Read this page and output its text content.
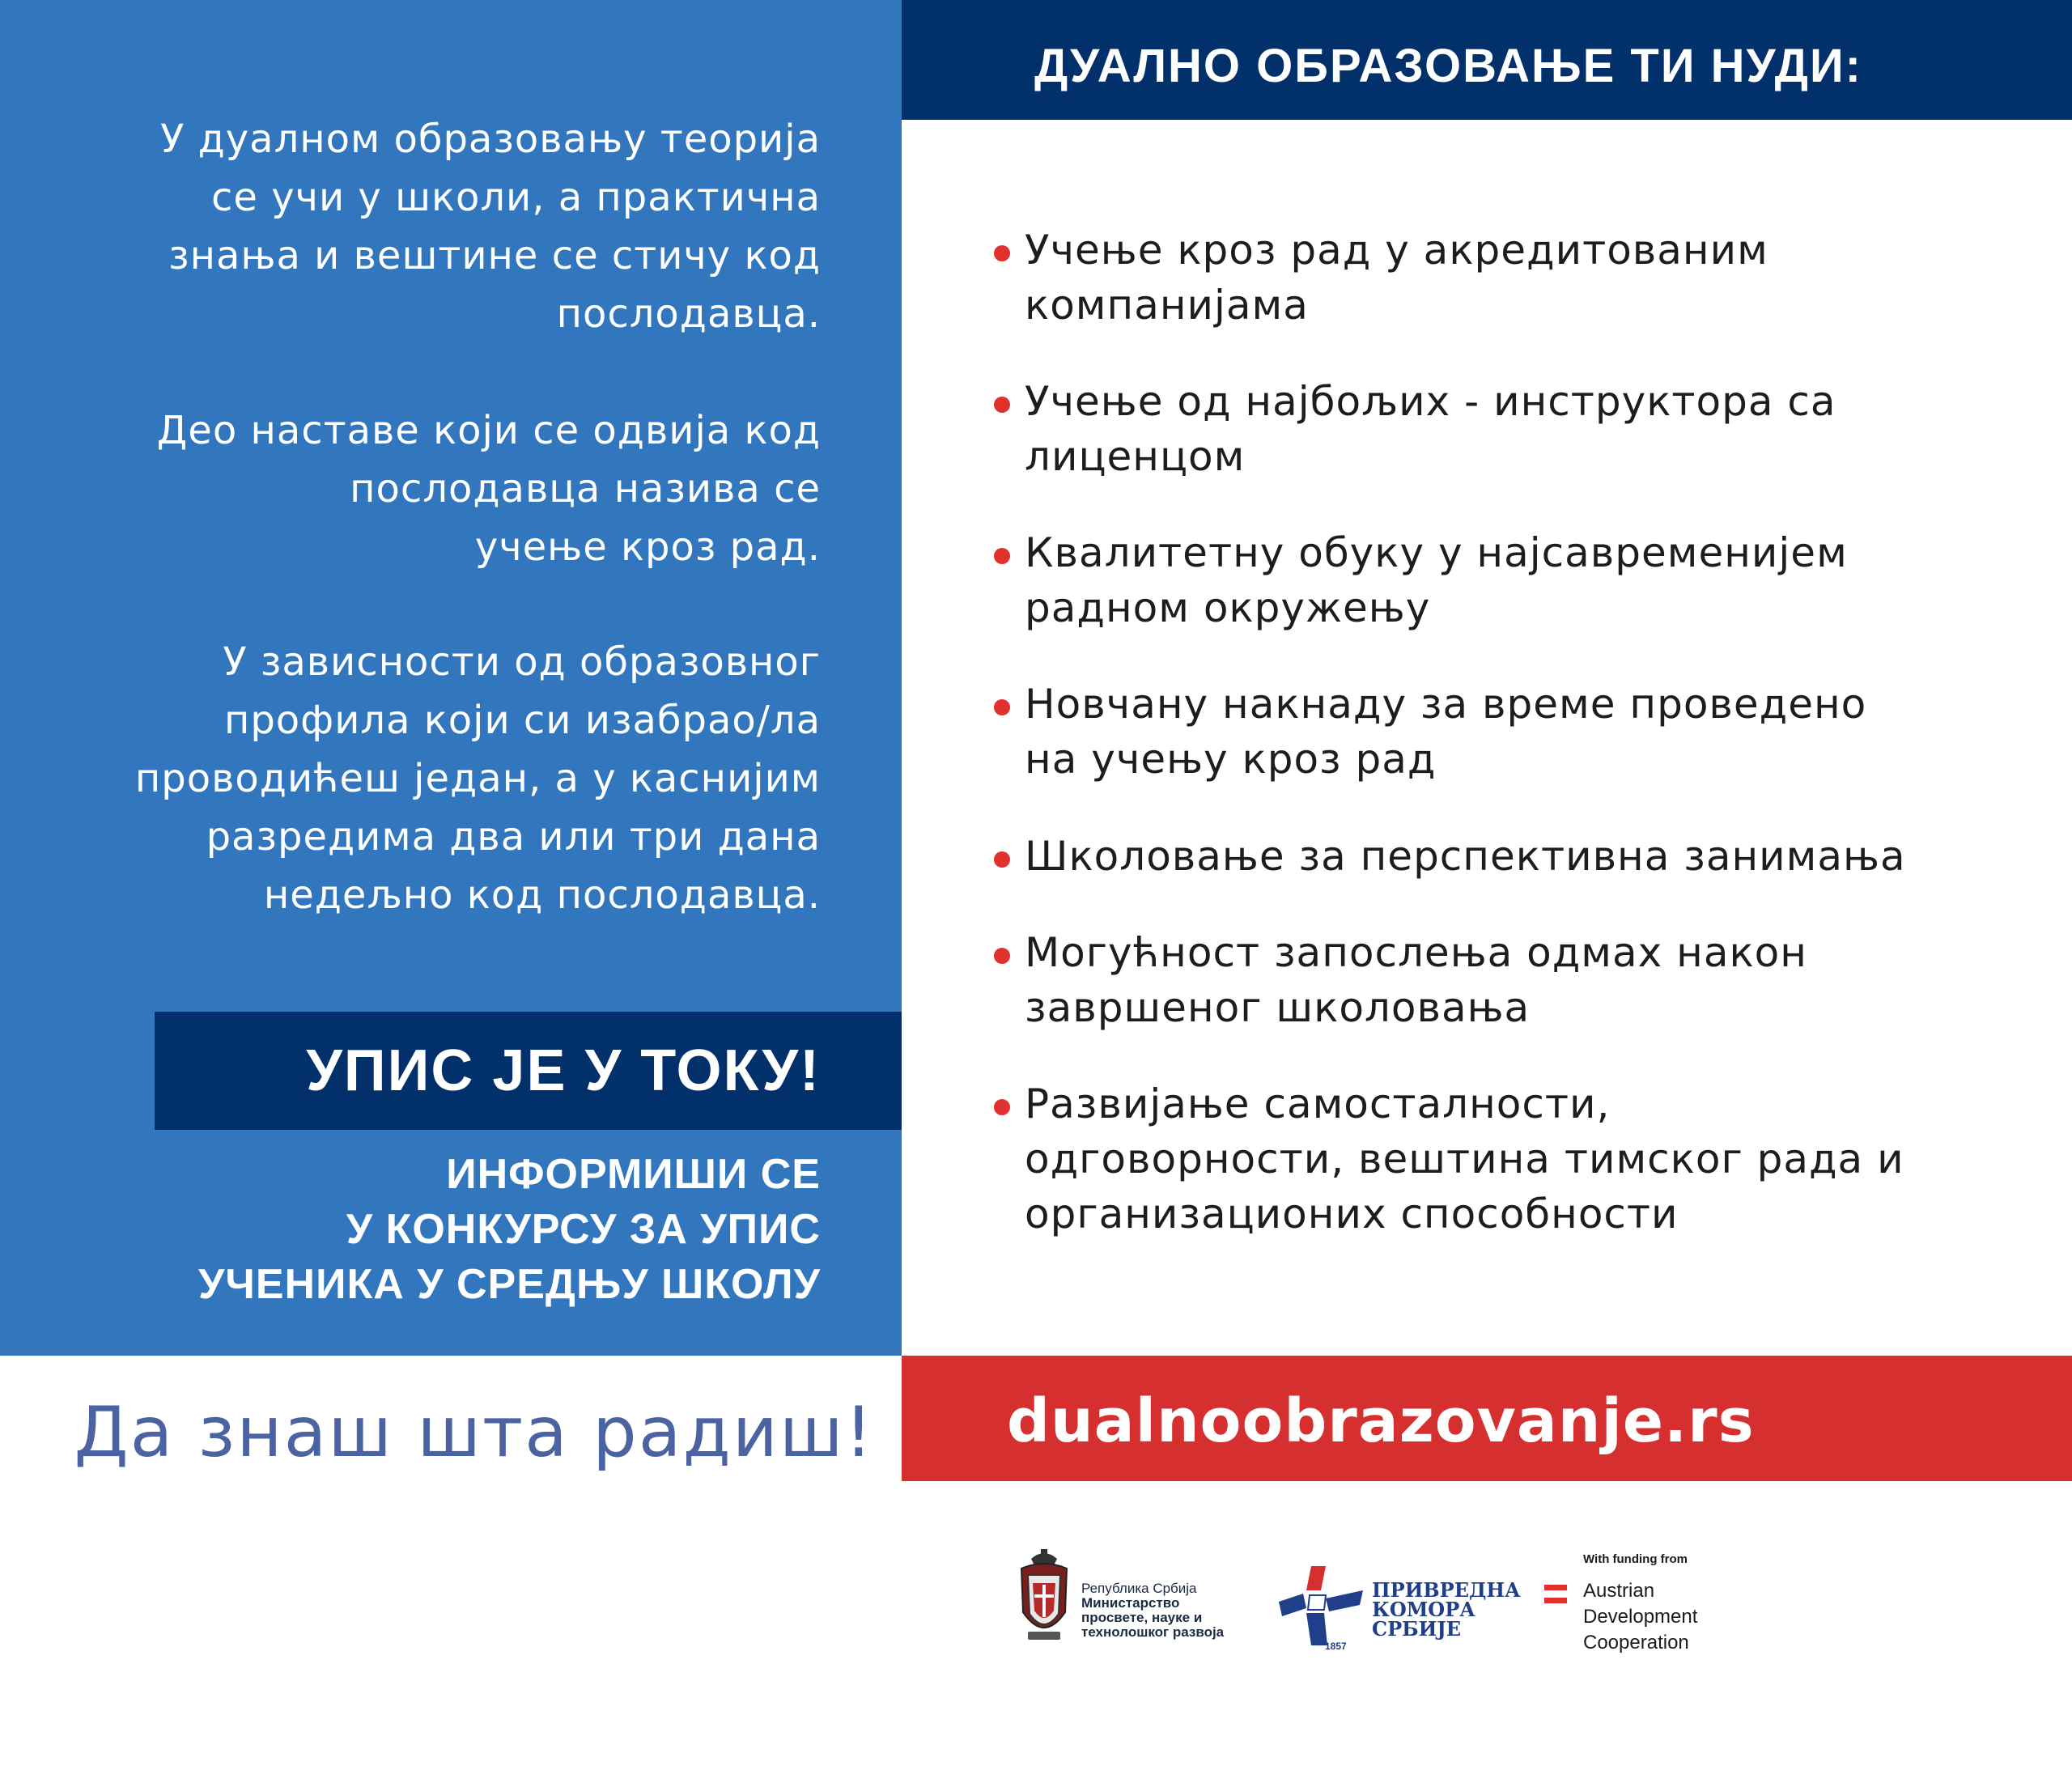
У дуалном образовању теорија
се учи у школи, а практична
знања и вештине се стичу код
послодавца.
Део наставе који се одвија код
послодавца назива се
учење кроз рад.
У зависности од образовног
профила који си изабрао/ла
проводићеш један, а у каснијим
разредима два или три дана
недељно код послодавца.
УПИС ЈЕ У ТОКУ!
ИНФОРМИШИ СЕ
У КОНКУРСУ ЗА УПИС
УЧЕНИКА У СРЕДЊУ ШКОЛУ
ДУАЛНО ОБРАЗОВАЊЕ ТИ НУДИ:
Учење кроз рад у акредитованим
компанијама
Учење од најбољих - инструктора са
лиценцом
Квалитетну обуку у најсавременијем
радном окружењу
Новчану накнаду за време проведено
на учењу кроз рад
Школовање за перспективна занимања
Могућност запослења одмах након
завршеног школовања
Развијање самосталности,
одговорности, вештина тимског рада и
организационих способности
Да знаш шта радиш! dualnoobrazovanje.rs
Република Србија
Министарство
просвете, науке и
технолошког развоја
1857
ПРИВРЕДНА
КОМОРА
СРБИЈЕ
With funding from
Austrian
Development
Cooperation
